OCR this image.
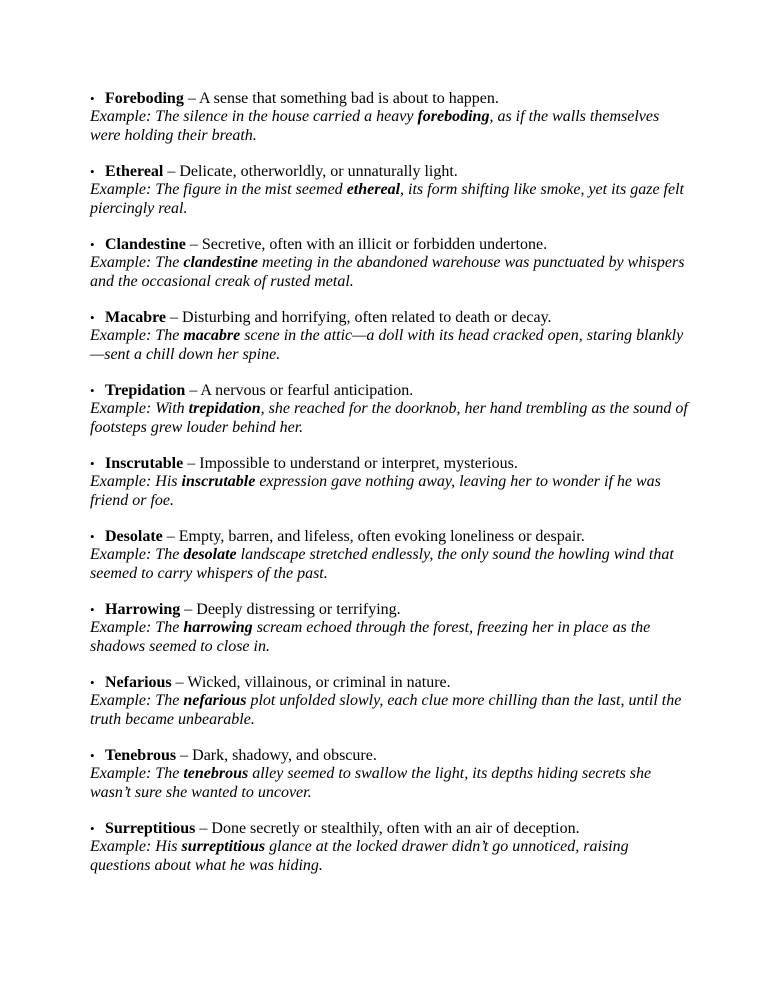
• Foreboding – A sense that something bad is about to happen.
Example: The silence in the house carried a heavy foreboding, as if the walls themselves were holding their breath.
• Ethereal – Delicate, otherworldly, or unnaturally light.
Example: The figure in the mist seemed ethereal, its form shifting like smoke, yet its gaze felt piercingly real.
• Clandestine – Secretive, often with an illicit or forbidden undertone.
Example: The clandestine meeting in the abandoned warehouse was punctuated by whispers and the occasional creak of rusted metal.
• Macabre – Disturbing and horrifying, often related to death or decay.
Example: The macabre scene in the attic—a doll with its head cracked open, staring blankly—sent a chill down her spine.
• Trepidation – A nervous or fearful anticipation.
Example: With trepidation, she reached for the doorknob, her hand trembling as the sound of footsteps grew louder behind her.
• Inscrutable – Impossible to understand or interpret, mysterious.
Example: His inscrutable expression gave nothing away, leaving her to wonder if he was friend or foe.
• Desolate – Empty, barren, and lifeless, often evoking loneliness or despair.
Example: The desolate landscape stretched endlessly, the only sound the howling wind that seemed to carry whispers of the past.
• Harrowing – Deeply distressing or terrifying.
Example: The harrowing scream echoed through the forest, freezing her in place as the shadows seemed to close in.
• Nefarious – Wicked, villainous, or criminal in nature.
Example: The nefarious plot unfolded slowly, each clue more chilling than the last, until the truth became unbearable.
• Tenebrous – Dark, shadowy, and obscure.
Example: The tenebrous alley seemed to swallow the light, its depths hiding secrets she wasn’t sure she wanted to uncover.
• Surreptitious – Done secretly or stealthily, often with an air of deception.
Example: His surreptitious glance at the locked drawer didn’t go unnoticed, raising questions about what he was hiding.
